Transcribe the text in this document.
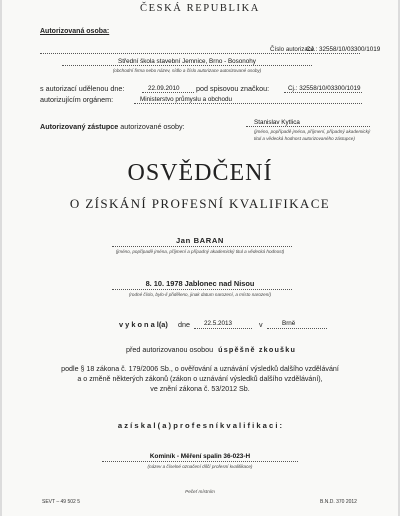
ČESKÁ REPUBLIKA
Autorizovaná osoba:
Číslo autorizace
CJ.: 32558/10/03300/1019
Střední škola stavební Jemnice, Brno - Bosonohy
(obchodní firma nebo název, sídlo a číslo autorizace autorizované osoby)
s autorizací udělenou dne:	22.09.2010 pod spisovou značkou:	Cj.: 32558/10/03300/1019
autorizujícím orgánem:	Ministerstvo průmyslu a obchodu
Autorizovaný zástupce autorizované osoby:	Stanislav Kytlica
(jméno, popřípadě jména, příjmení, případný akademický
titul a vědecká hodnost autorizovaného zástupce)
OSVĚDČENÍ
O ZÍSKÁNÍ PROFESNÍ KVALIFIKACE
Jan BARAN
(jméno, popřípadě jména, příjmení a případný akademický titul a vědecká hodnost)
8. 10. 1978 Jablonec nad Nisou
(rodné číslo, bylo-li přiděleno, jinak datum narození, a místo narození)
v y k o n a l(a) dne 22.5.2013	v	Brně
před autorizovanou osobou úspěšně zkoušku
podle § 18 zákona č. 179/2006 Sb., o ověřování a uznávání výsledků dalšího vzdělávání
a o změně některých zákonů (zákon o uznávání výsledků dalšího vzdělávání),
ve znění zákona č. 53/2012 Sb.
a z í s k a l ( a ) p r o f e s n í k v a l i f i k a c i :
Kominík - Měření spalin 36-023-H
(název a číselné označení dílčí profesní kvalifikace)
Pečeť místním
SEVT – 49 502 5	B.N.D. 370 2012
